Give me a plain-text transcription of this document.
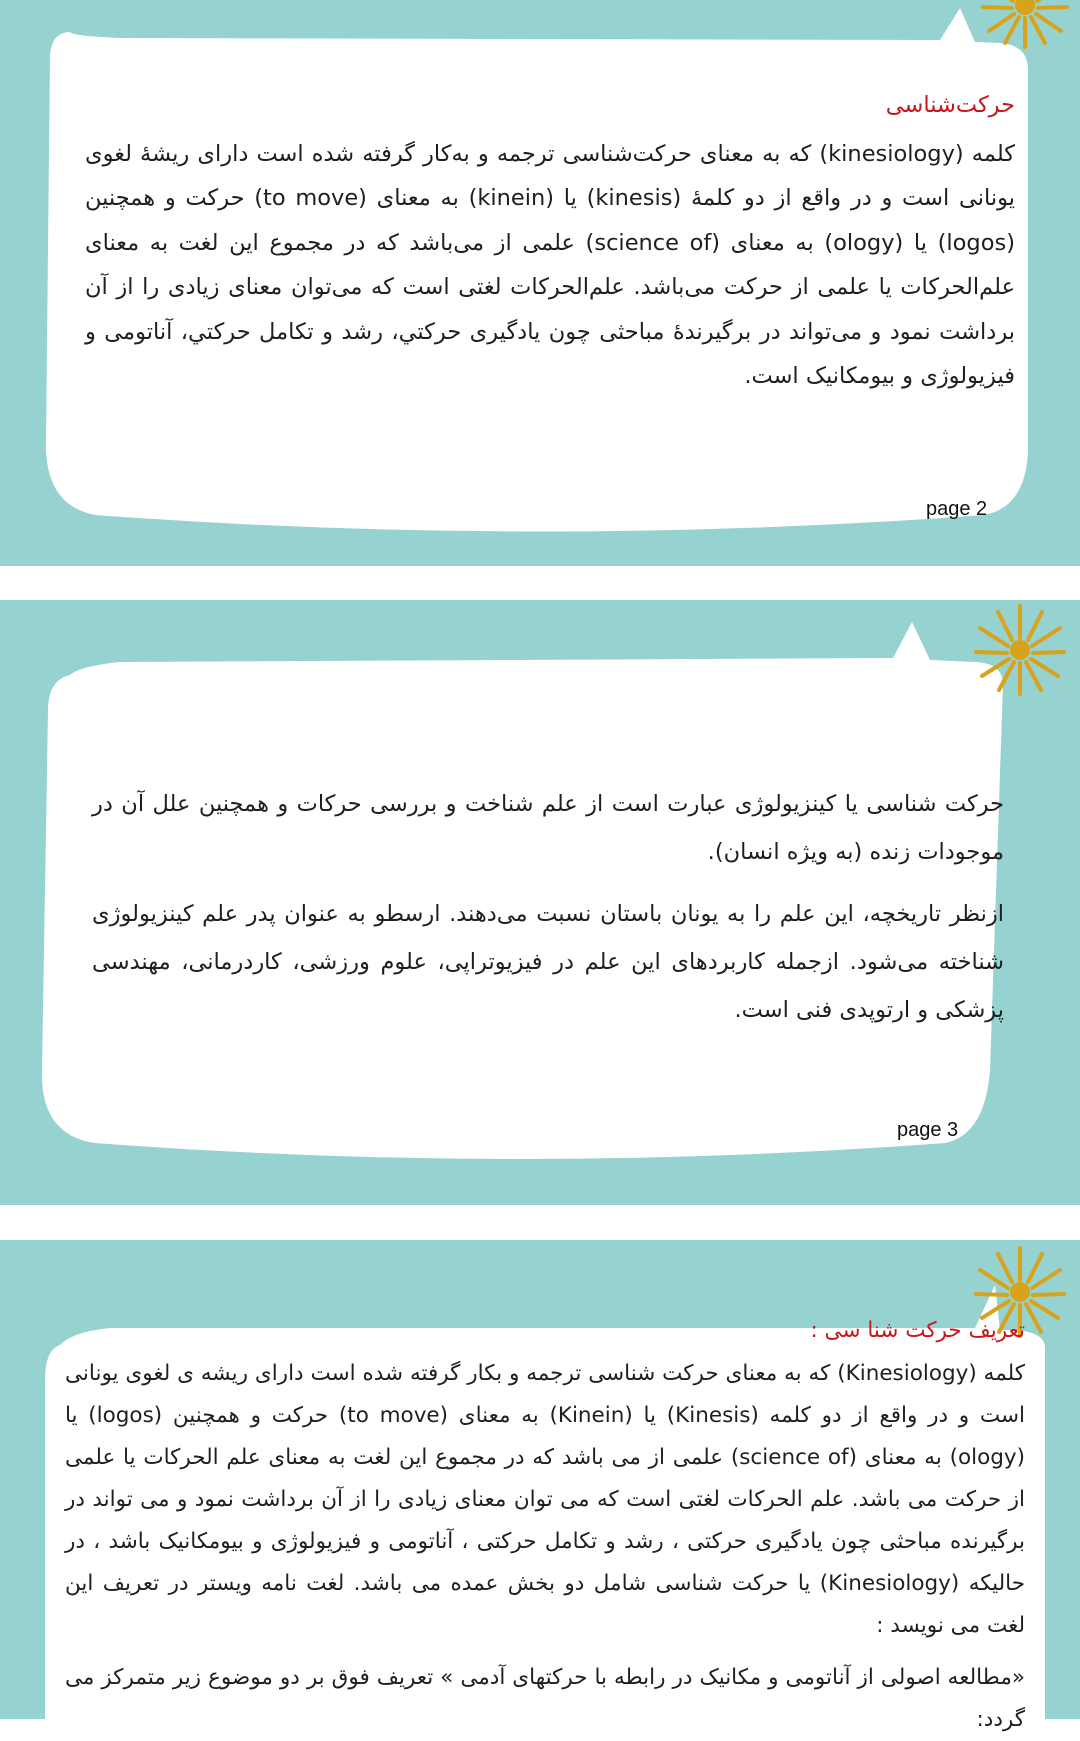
حرکت‌شناسی

کلمه (kinesiology) که به معنای حرکت‌شناسی ترجمه و به‌کار گرفته شده است دارای ریشهٔ لغوی یونانی است و در واقع از دو کلمهٔ (kinesis) یا (kinein) به معنای (to move) حرکت و همچنین (logos) یا (ology) به معنای (science of) علمی از می‌باشد که در مجموع این لغت به معنای علم‌الحرکات یا علمی از حرکت می‌باشد. علم‌الحرکات لغتی است که می‌توان معنای زیادی را از آن برداشت نمود و می‌تواند در برگیرندهٔ مباحثی چون یادگیری حرکتي، رشد و تکامل حرکتي، آناتومی و فیزیولوژی و بیومکانیک است.

page 2

حرکت شناسی یا کینزیولوژی عبارت است از علم شناخت و بررسی حرکات و همچنین علل آن در موجودات زنده (به ویژه انسان).

ازنظر تاریخچه، این علم را به یونان باستان نسبت می‌دهند. ارسطو به عنوان پدر علم کینزیولوژی شناخته می‌شود. ازجمله کاربردهای این علم در فیزیوتراپی، علوم ورزشی، کاردرمانی، مهندسی پزشکی و ارتوپدی فنی است.

page 3

تعریف حرکت شنا سی :

کلمه (Kinesiology) که به معنای حرکت شناسی ترجمه و بکار گرفته شده است دارای ریشه ی لغوی یونانی است و در واقع از دو کلمه (Kinesis) یا (Kinein) به معنای (to move) حرکت و همچنین (logos) یا (ology) به معنای (science of) علمی از می باشد که در مجموع این لغت به معنای علم الحرکات یا علمی از حرکت می باشد. علم الحرکات لغتی است که می توان معنای زیادی را از آن برداشت نمود و می تواند در برگیرنده مباحثی چون یادگیری حرکتی ، رشد و تکامل حرکتی ، آناتومی و فیزیولوژی و بیومکانیک باشد ، در حالیکه (Kinesiology) یا حرکت شناسی شامل دو بخش عمده می باشد. لغت نامه ویستر در تعریف این لغت می نویسد :

«مطالعه اصولی از آناتومی و مکانیک در رابطه با حرکتهای آدمی » تعریف فوق بر دو موضوع زیر متمرکز می گردد:
